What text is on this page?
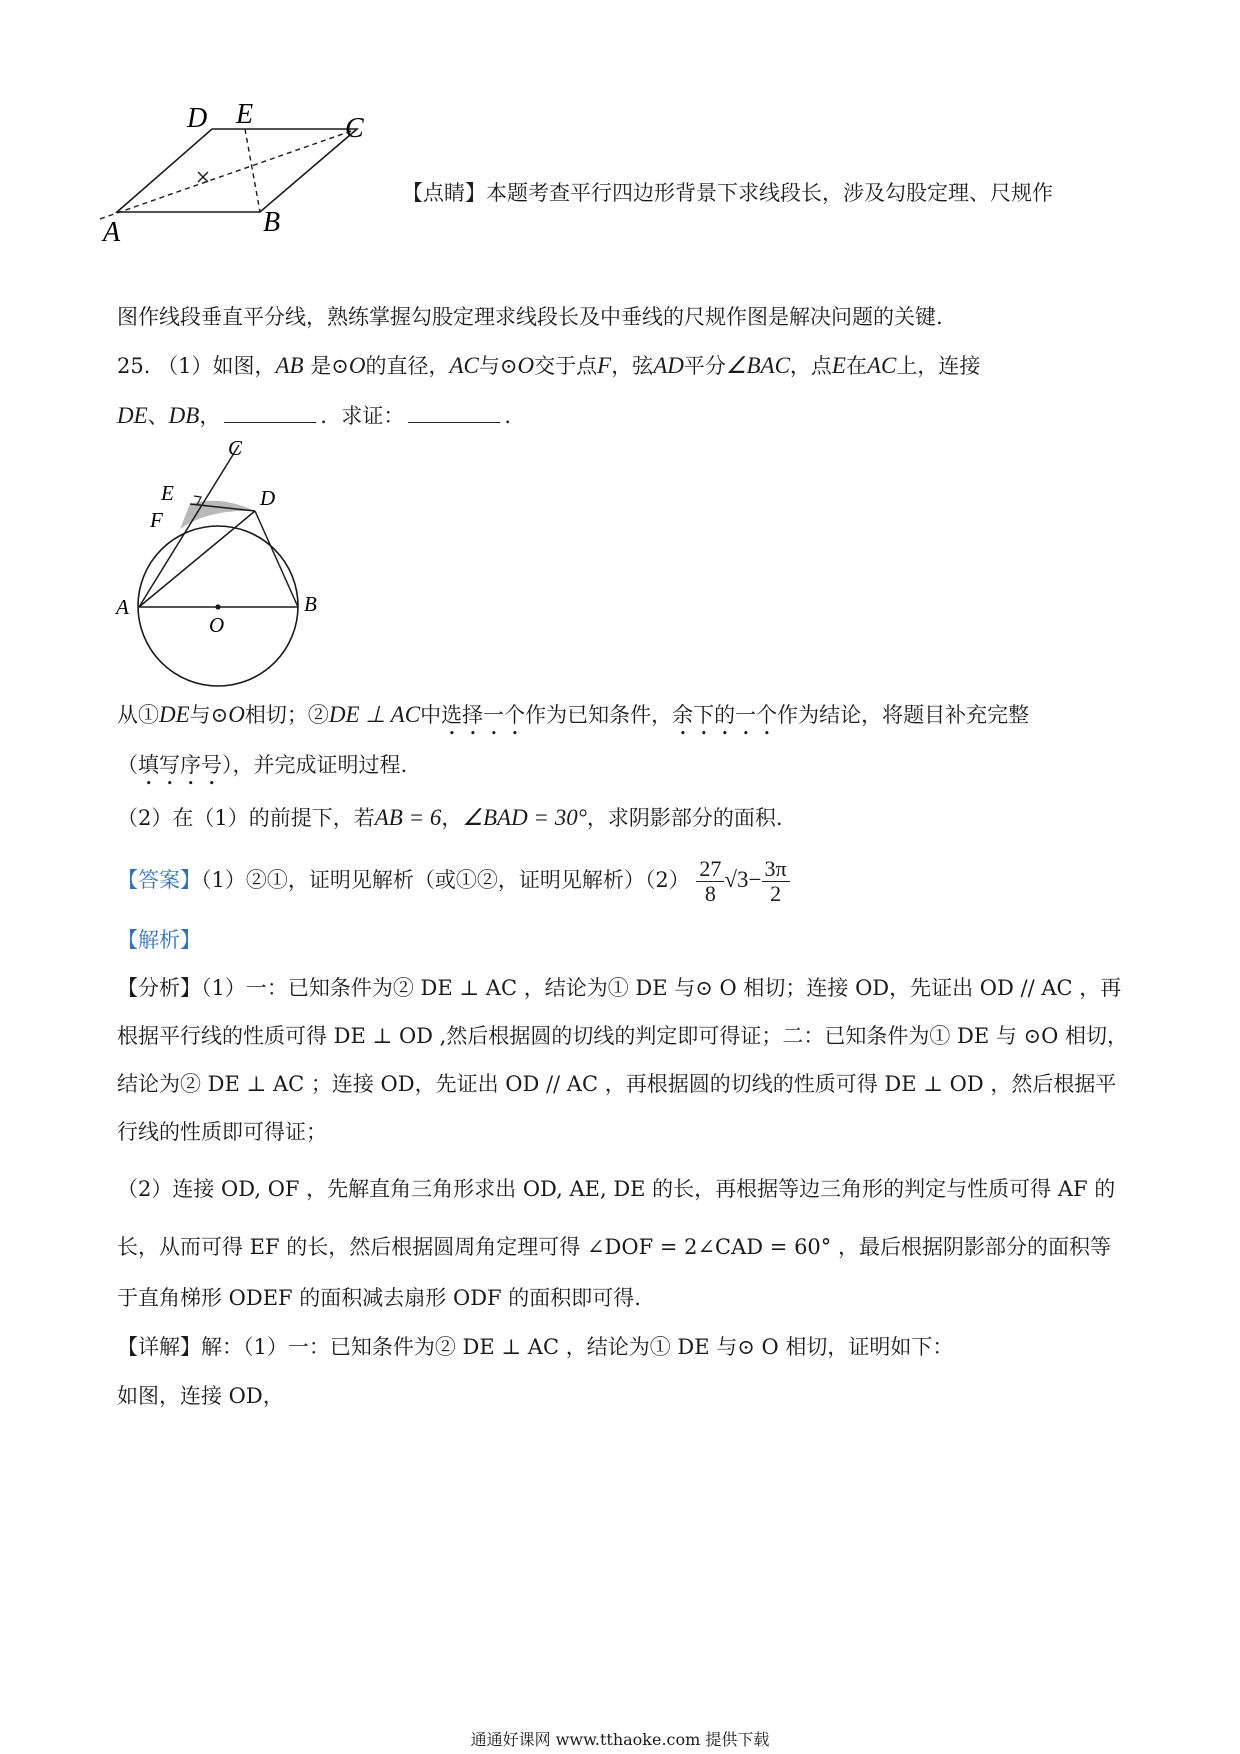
D E	C
A	B
【点睛】本题考查平行四边形背景下求线段长，涉及勾股定理、尺规作
图作线段垂直平分线，熟练掌握勾股定理求线段长及中垂线的尺规作图是解决问题的关键.
25. （1）如图，AB 是⊙O的直径，AC与⊙O交于点F，弦AD平分∠BAC，点E在AC上，连接
DE、DB，	．求证：	.
C
E
F
D
A
O
B
从①DE与⊙O相切；②DE ⊥ AC中选择一个作为已知条件，余下的一个作为结论，将题目补充完整
（填写序号），并完成证明过程.
（2）在（1）的前提下，若AB = 6，∠BAD = 30°，求阴影部分的面积.
【答案】（1）②①，证明见解析（或①②，证明见解析）$(2) \frac{27}{8} √3- \frac{3\pi}{2}$
【解析】
【分析】（1）一：已知条件为② DE ⊥ AC ，结论为① DE 与⊙ O 相切；连接 OD，先证出 OD // AC ，再
根据平行线的性质可得 DE ⊥ OD ,然后根据圆的切线的判定即可得证；二：已知条件为① DE 与 ⊙O 相切，
结论为② DE ⊥ AC ；连接 OD，先证出 OD // AC ，再根据圆的切线的性质可得 DE ⊥ OD ，然后根据平
行线的性质即可得证；
（2）连接 OD, OF ，先解直角三角形求出 OD, AE, DE 的长，再根据等边三角形的判定与性质可得 AF 的
长，从而可得 EF 的长，然后根据圆周角定理可得 ∠DOF = 2∠CAD = 60° ，最后根据阴影部分的面积等
于直角梯形 ODEF 的面积减去扇形 ODF 的面积即可得.
【详解】解：（1）一：已知条件为② DE ⊥ AC ，结论为① DE 与⊙ O 相切，证明如下：
如图，连接 OD，
通通好课网 www.tthaoke.com 提供下载
